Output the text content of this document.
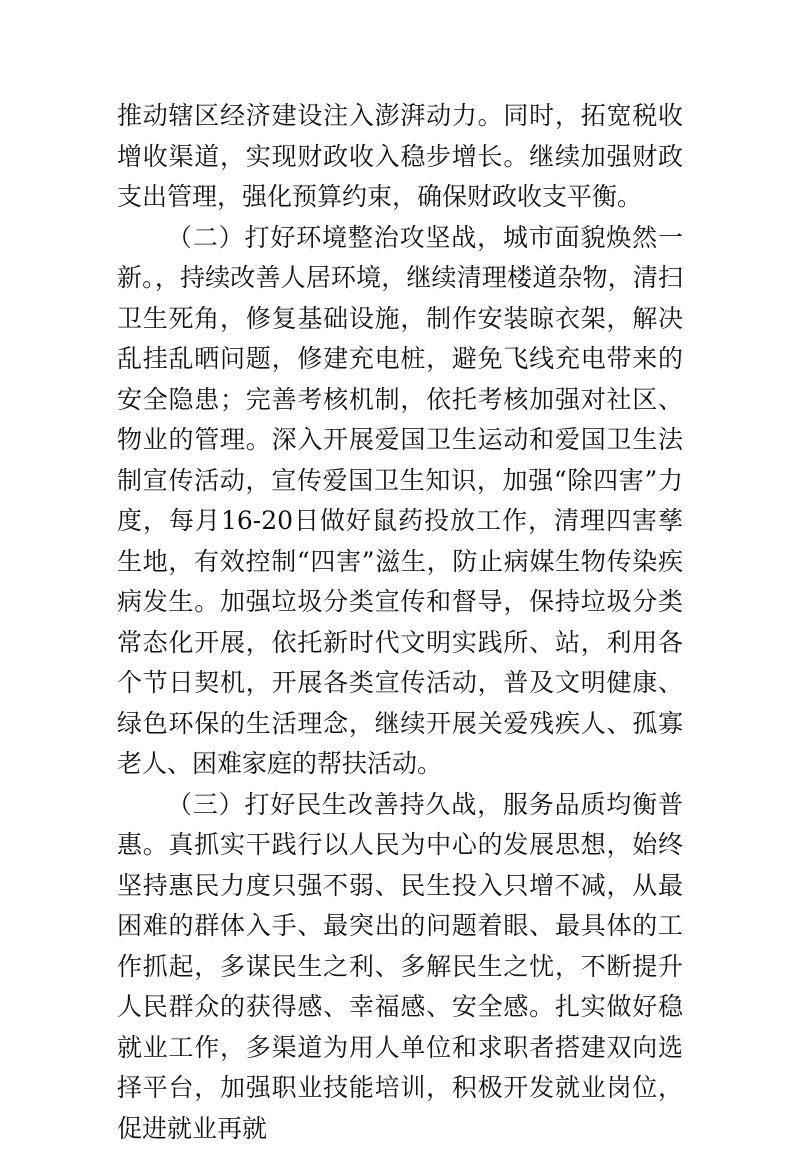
推动辖区经济建设注入澎湃动力。同时，拓宽税收增收渠道，实现财政收入稳步增长。继续加强财政支出管理，强化预算约束，确保财政收支平衡。

（二）打好环境整治攻坚战，城市面貌焕然一新。，持续改善人居环境，继续清理楼道杂物，清扫卫生死角，修复基础设施，制作安装晾衣架，解决乱挂乱晒问题，修建充电桩，避免飞线充电带来的安全隐患；完善考核机制，依托考核加强对社区、物业的管理。深入开展爱国卫生运动和爱国卫生法制宣传活动，宣传爱国卫生知识，加强“除四害”力度，每月16-20日做好鼠药投放工作，清理四害孳生地，有效控制“四害”滋生，防止病媒生物传染疾病发生。加强垃圾分类宣传和督导，保持垃圾分类常态化开展，依托新时代文明实践所、站，利用各个节日契机，开展各类宣传活动，普及文明健康、绿色环保的生活理念，继续开展关爱残疾人、孤寡老人、困难家庭的帮扶活动。

（三）打好民生改善持久战，服务品质均衡普惠。真抓实干践行以人民为中心的发展思想，始终坚持惠民力度只强不弱、民生投入只增不减，从最困难的群体入手、最突出的问题着眼、最具体的工作抓起，多谋民生之利、多解民生之忧，不断提升人民群众的获得感、幸福感、安全感。扎实做好稳就业工作，多渠道为用人单位和求职者搭建双向选择平台，加强职业技能培训，积极开发就业岗位，促进就业再就
